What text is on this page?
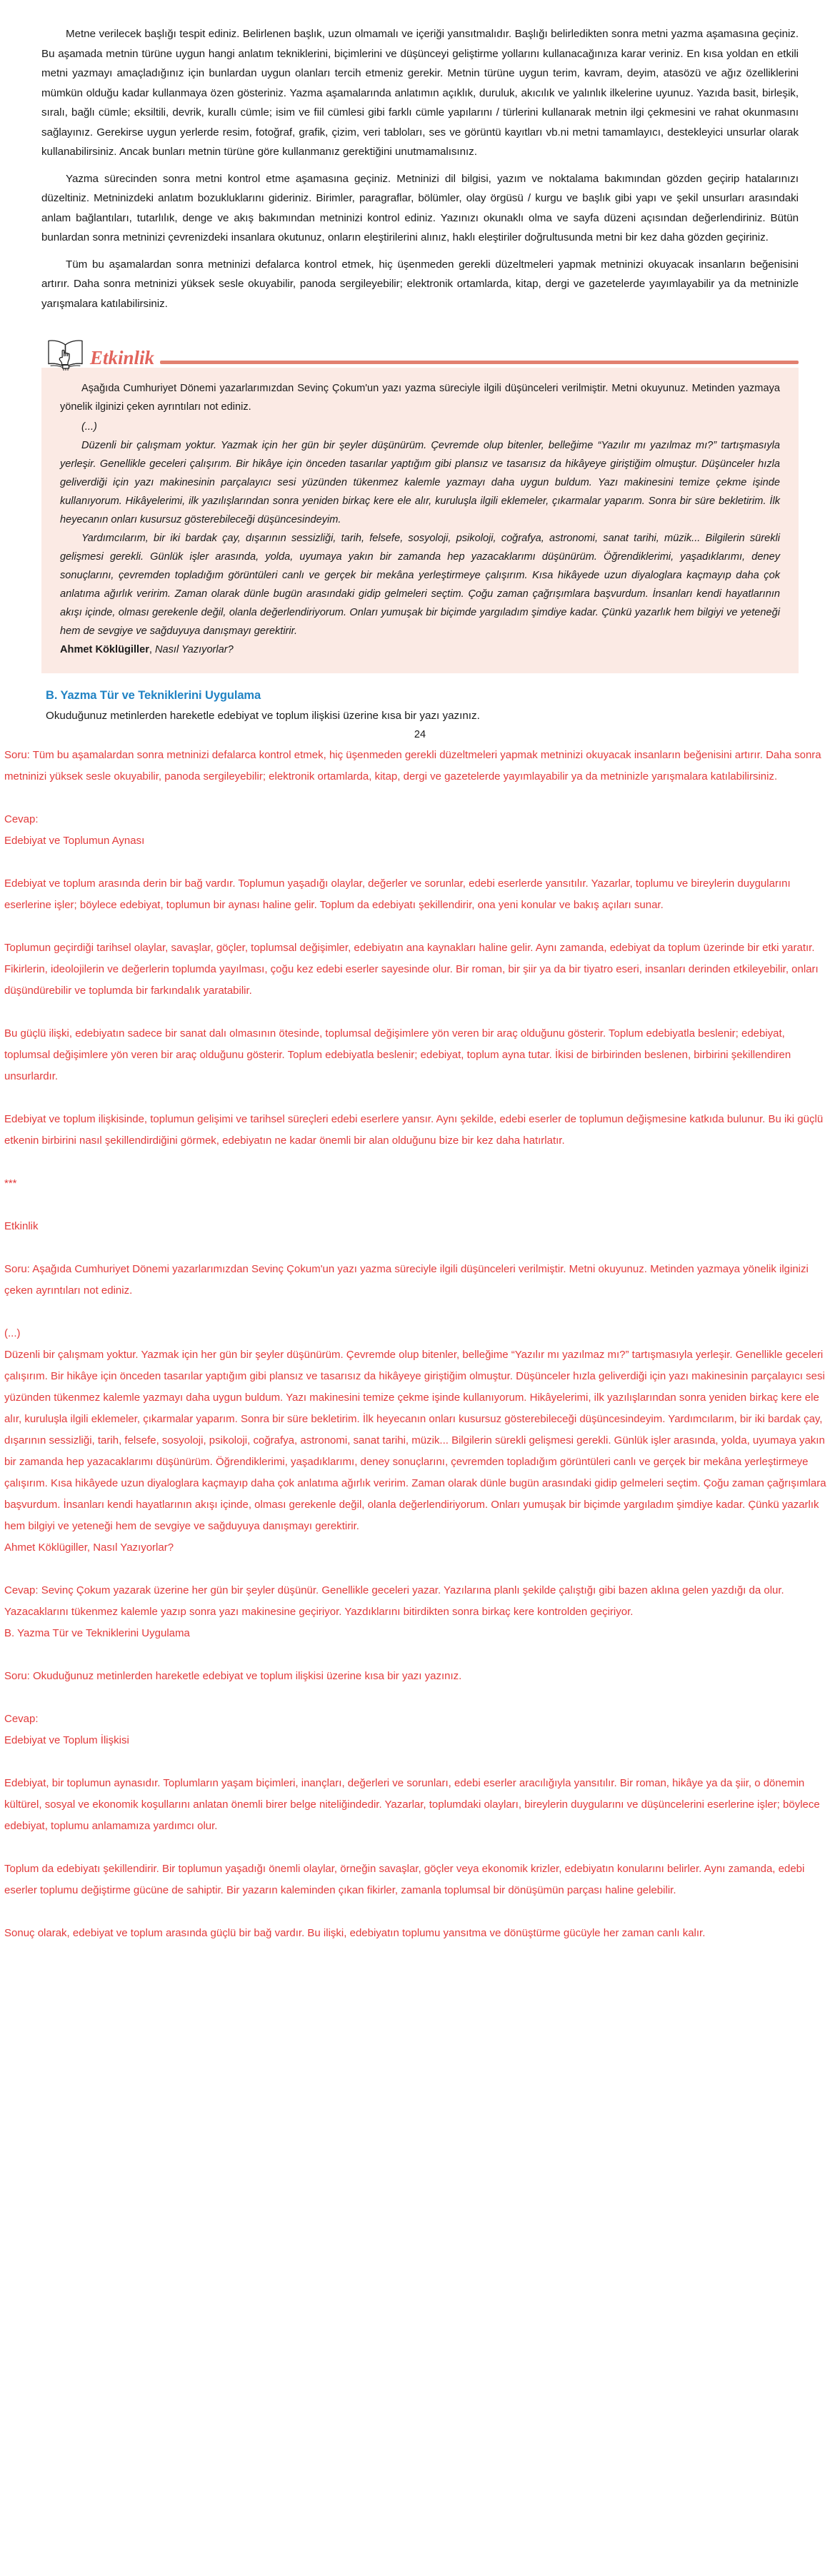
Metne verilecek başlığı tespit ediniz. Belirlenen başlık, uzun olmamalı ve içeriği yansıtmalıdır. Başlığı belirledikten sonra metni yazma aşamasına geçiniz. Bu aşamada metnin türüne uygun hangi anlatım tekniklerini, biçimlerini ve düşünceyi geliştirme yollarını kullanacağınıza karar veriniz. En kısa yoldan en etkili metni yazmayı amaçladığınız için bunlardan uygun olanları tercih etmeniz gerekir. Metnin türüne uygun terim, kavram, deyim, atasözü ve ağız özelliklerini mümkün olduğu kadar kullanmaya özen gösteriniz. Yazma aşamalarında anlatımın açıklık, duruluk, akıcılık ve yalınlık ilkelerine uyunuz. Yazıda basit, birleşik, sıralı, bağlı cümle; eksiltili, devrik, kurallı cümle; isim ve fiil cümlesi gibi farklı cümle yapılarını / türlerini kullanarak metnin ilgi çekmesini ve rahat okunmasını sağlayınız. Gerekirse uygun yerlerde resim, fotoğraf, grafik, çizim, veri tabloları, ses ve görüntü kayıtları vb.ni metni tamamlayıcı, destekleyici unsurlar olarak kullanabilirsiniz. Ancak bunları metnin türüne göre kullanmanız gerektiğini unutmamalısınız.

Yazma sürecinden sonra metni kontrol etme aşamasına geçiniz. Metninizi dil bilgisi, yazım ve noktalama bakımından gözden geçirip hatalarınızı düzeltiniz. Metninizdeki anlatım bozukluklarını gideriniz. Birimler, paragraflar, bölümler, olay örgüsü / kurgu ve başlık gibi yapı ve şekil unsurları arasındaki anlam bağlantıları, tutarlılık, denge ve akış bakımından metninizi kontrol ediniz. Yazınızı okunaklı olma ve sayfa düzeni açısından değerlendiriniz. Bütün bunlardan sonra metninizi çevrenizdeki insanlara okutunuz, onların eleştirilerini alınız, haklı eleştiriler doğrultusunda metni bir kez daha gözden geçiriniz.

Tüm bu aşamalardan sonra metninizi defalarca kontrol etmek, hiç üşenmeden gerekli düzeltmeleri yapmak metninizi okuyacak insanların beğenisini artırır. Daha sonra metninizi yüksek sesle okuyabilir, panoda sergileyebilir; elektronik ortamlarda, kitap, dergi ve gazetelerde yayımlayabilir ya da metninizle yarışmalara katılabilirsiniz.

Etkinlik

Aşağıda Cumhuriyet Dönemi yazarlarımızdan Sevinç Çokum'un yazı yazma süreciyle ilgili düşünceleri verilmiştir. Metni okuyunuz. Metinden yazmaya yönelik ilginizi çeken ayrıntıları not ediniz.

(...)

Düzenli bir çalışmam yoktur. Yazmak için her gün bir şeyler düşünürüm. Çevremde olup bitenler, belleğime “Yazılır mı yazılmaz mı?” tartışmasıyla yerleşir. Genellikle geceleri çalışırım. Bir hikâye için önceden tasarılar yaptığım gibi plansız ve tasarısız da hikâyeye giriştiğim olmuştur. Düşünceler hızla geliverdiği için yazı makinesinin parçalayıcı sesi yüzünden tükenmez kalemle yazmayı daha uygun buldum. Yazı makinesini temize çekme işinde kullanıyorum. Hikâyelerimi, ilk yazılışlarından sonra yeniden birkaç kere ele alır, kuruluşla ilgili eklemeler, çıkarmalar yaparım. Sonra bir süre bekletirim. İlk heyecanın onları kusursuz gösterebileceği düşüncesindeyim.

Yardımcılarım, bir iki bardak çay, dışarının sessizliği, tarih, felsefe, sosyoloji, psikoloji, coğrafya, astronomi, sanat tarihi, müzik... Bilgilerin sürekli gelişmesi gerekli. Günlük işler arasında, yolda, uyumaya yakın bir zamanda hep yazacaklarımı düşünürüm. Öğrendiklerimi, yaşadıklarımı, deney sonuçlarını, çevremden topladığım görüntüleri canlı ve gerçek bir mekâna yerleştirmeye çalışırım. Kısa hikâyede uzun diyaloglara kaçmayıp daha çok anlatıma ağırlık veririm. Zaman olarak dünle bugün arasındaki gidip gelmeleri seçtim. Çoğu zaman çağrışımlara başvurdum. İnsanları kendi hayatlarının akışı içinde, olması gerekenle değil, olanla değerlendiriyorum. Onları yumuşak bir biçimde yargıladım şimdiye kadar. Çünkü yazarlık hem bilgiyi ve yeteneği hem de sevgiye ve sağduyuya danışmayı gerektirir.

Ahmet Köklügiller, Nasıl Yazıyorlar?

B. Yazma Tür ve Tekniklerini Uygulama

Okuduğunuz metinlerden hareketle edebiyat ve toplum ilişkisi üzerine kısa bir yazı yazınız.

24

Soru: Tüm bu aşamalardan sonra metninizi defalarca kontrol etmek, hiç üşenmeden gerekli düzeltmeleri yapmak metninizi okuyacak insanların beğenisini artırır. Daha sonra metninizi yüksek sesle okuyabilir, panoda sergileyebilir; elektronik ortamlarda, kitap, dergi ve gazetelerde yayımlayabilir ya da metninizle yarışmalara katılabilirsiniz.

Cevap:

Edebiyat ve Toplumun Aynası

Edebiyat ve toplum arasında derin bir bağ vardır. Toplumun yaşadığı olaylar, değerler ve sorunlar, edebi eserlerde yansıtılır. Yazarlar, toplumu ve bireylerin duygularını eserlerine işler; böylece edebiyat, toplumun bir aynası haline gelir. Toplum da edebiyatı şekillendirir, ona yeni konular ve bakış açıları sunar.

Toplumun geçirdiği tarihsel olaylar, savaşlar, göçler, toplumsal değişimler, edebiyatın ana kaynakları haline gelir. Aynı zamanda, edebiyat da toplum üzerinde bir etki yaratır. Fikirlerin, ideolojilerin ve değerlerin toplumda yayılması, çoğu kez edebi eserler sayesinde olur. Bir roman, bir şiir ya da bir tiyatro eseri, insanları derinden etkileyebilir, onları düşündürebilir ve toplumda bir farkındalık yaratabilir.

Bu güçlü ilişki, edebiyatın sadece bir sanat dalı olmasının ötesinde, toplumsal değişimlere yön veren bir araç olduğunu gösterir. Toplum edebiyatla beslenir; edebiyat, toplumsal değişimlere yön veren bir araç olduğunu gösterir. Toplum edebiyatla beslenir; edebiyat, toplum ayna tutar. İkisi de birbirinden beslenen, birbirini şekillendiren unsurlardır.

Edebiyat ve toplum ilişkisinde, toplumun gelişimi ve tarihsel süreçleri edebi eserlere yansır. Aynı şekilde, edebi eserler de toplumun değişmesine katkıda bulunur. Bu iki güçlü etkenin birbirini nasıl şekillendirdiğini görmek, edebiyatın ne kadar önemli bir alan olduğunu bize bir kez daha hatırlatır.

***

Etkinlik

Soru: Aşağıda Cumhuriyet Dönemi yazarlarımızdan Sevinç Çokum'un yazı yazma süreciyle ilgili düşünceleri verilmiştir. Metni okuyunuz. Metinden yazmaya yönelik ilginizi çeken ayrıntıları not ediniz.

(...)

Düzenli bir çalışmam yoktur. Yazmak için her gün bir şeyler düşünürüm. Çevremde olup bitenler, belleğime “Yazılır mı yazılmaz mı?” tartışmasıyla yerleşir. Genellikle geceleri çalışırım. Bir hikâye için önceden tasarılar yaptığım gibi plansız ve tasarısız da hikâyeye giriştiğim olmuştur. Düşünceler hızla geliverdiği için yazı makinesinin parçalayıcı sesi yüzünden tükenmez kalemle yazmayı daha uygun buldum. Yazı makinesini temize çekme işinde kullanıyorum. Hikâyelerimi, ilk yazılışlarından sonra yeniden birkaç kere ele alır, kuruluşla ilgili eklemeler, çıkarmalar yaparım. Sonra bir süre bekletirim. İlk heyecanın onları kusursuz gösterebileceği düşüncesindeyim. Yardımcılarım, bir iki bardak çay, dışarının sessizliği, tarih, felsefe, sosyoloji, psikoloji, coğrafya, astronomi, sanat tarihi, müzik... Bilgilerin sürekli gelişmesi gerekli. Günlük işler arasında, yolda, uyumaya yakın bir zamanda hep yazacaklarımı düşünürüm. Öğrendiklerimi, yaşadıklarımı, deney sonuçlarını, çevremden topladığım görüntüleri canlı ve gerçek bir mekâna yerleştirmeye çalışırım. Kısa hikâyede uzun diyaloglara kaçmayıp daha çok anlatıma ağırlık veririm. Zaman olarak dünle bugün arasındaki gidip gelmeleri seçtim. Çoğu zaman çağrışımlara başvurdum. İnsanları kendi hayatlarının akışı içinde, olması gerekenle değil, olanla değerlendiriyorum. Onları yumuşak bir biçimde yargıladım şimdiye kadar. Çünkü yazarlık hem bilgiyi ve yeteneği hem de sevgiye ve sağduyuya danışmayı gerektirir.

Ahmet Köklügiller, Nasıl Yazıyorlar?

Cevap: Sevinç Çokum yazarak üzerine her gün bir şeyler düşünür. Genellikle geceleri yazar. Yazılarına planlı şekilde çalıştığı gibi bazen aklına gelen yazdığı da olur. Yazacaklarını tükenmez kalemle yazıp sonra yazı makinesine geçiriyor. Yazdıklarını bitirdikten sonra birkaç kere kontrolden geçiriyor.

B. Yazma Tür ve Tekniklerini Uygulama

Soru: Okuduğunuz metinlerden hareketle edebiyat ve toplum ilişkisi üzerine kısa bir yazı yazınız.

Cevap:

Edebiyat ve Toplum İlişkisi

Edebiyat, bir toplumun aynasıdır. Toplumların yaşam biçimleri, inançları, değerleri ve sorunları, edebi eserler aracılığıyla yansıtılır. Bir roman, hikâye ya da şiir, o dönemin kültürel, sosyal ve ekonomik koşullarını anlatan önemli birer belge niteliğindedir. Yazarlar, toplumdaki olayları, bireylerin duygularını ve düşüncelerini eserlerine işler; böylece edebiyat, toplumu anlamamıza yardımcı olur.

Toplum da edebiyatı şekillendirir. Bir toplumun yaşadığı önemli olaylar, örneğin savaşlar, göçler veya ekonomik krizler, edebiyatın konularını belirler. Aynı zamanda, edebi eserler toplumu değiştirme gücüne de sahiptir. Bir yazarın kaleminden çıkan fikirler, zamanla toplumsal bir dönüşümün parçası haline gelebilir.

Sonuç olarak, edebiyat ve toplum arasında güçlü bir bağ vardır. Bu ilişki, edebiyatın toplumu yansıtma ve dönüştürme gücüyle her zaman canlı kalır.
